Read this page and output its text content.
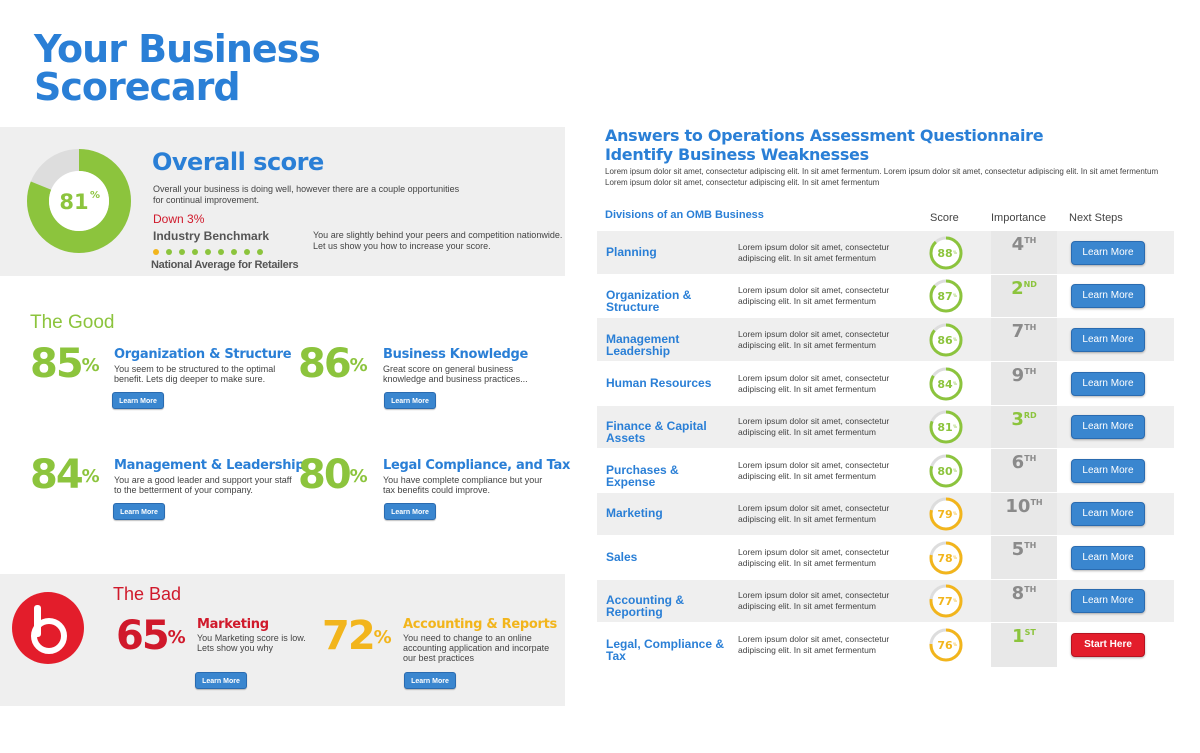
Your Business Scorecard
81 %
Overall score
Overall your business is doing well, however there are a couple opportunities for continual improvement.
Down 3%
Industry Benchmark
National Average for Retailers
You are slightly behind your peers and competition nationwide. Let us show you how to increase your score.
The Good
85%
Organization & Structure
You seem to be structured to the optimal benefit. Lets dig deeper to make sure.
Learn More
86%
Business Knowledge
Great score on general business knowledge and business practices...
Learn More
84%
Management & Leadership
You are a good leader and support your staff to the betterment of your company.
Learn More
80%
Legal Compliance, and Tax
You have complete compliance but your tax benefits could improve.
Learn More
The Bad
65%
Marketing
You Marketing score is low. Lets show you why
Learn More
72%
Accounting & Reports
You need to change to an online accounting application and incorpate our best practices
Learn More
Answers to Operations Assessment Questionnaire
Identify Business Weaknesses
Lorem ipsum dolor sit amet, consectetur adipiscing elit. In sit amet fermentum. Lorem ipsum dolor sit amet, consectetur adipiscing elit. In sit amet fermentum Lorem ipsum dolor sit amet, consectetur adipiscing elit. In sit amet fermentum
Divisions of an OMB Business	Score	Importance Next Steps
Planning	Lorem ipsum dolor sit amet, consectetur adipiscing elit. In sit amet fermentum	88 %	4TH
Learn More
Organization & Structure
Lorem ipsum dolor sit amet, consectetur adipiscing elit. In sit amet fermentum	87 %	2ND
Learn More
Management Leadership
Lorem ipsum dolor sit amet, consectetur adipiscing elit. In sit amet fermentum	86 %	7TH
Learn More
Human Resources	Lorem ipsum dolor sit amet, consectetur adipiscing elit. In sit amet fermentum	84 %	9TH
Learn More
Finance & Capital Assets
Lorem ipsum dolor sit amet, consectetur adipiscing elit. In sit amet fermentum	81 %	3RD
Learn More
Purchases & Expense
Lorem ipsum dolor sit amet, consectetur adipiscing elit. In sit amet fermentum	80 %	6TH
Learn More
Marketing	Lorem ipsum dolor sit amet, consectetur adipiscing elit. In sit amet fermentum	79 %	10TH
Learn More
Sales	Lorem ipsum dolor sit amet, consectetur adipiscing elit. In sit amet fermentum	78 %	5TH
Learn More
Accounting & Reporting
Lorem ipsum dolor sit amet, consectetur adipiscing elit. In sit amet fermentum	77 %	8TH
Learn More
Legal, Compliance & Tax
Lorem ipsum dolor sit amet, consectetur adipiscing elit. In sit amet fermentum	76 %	1ST
Start Here
